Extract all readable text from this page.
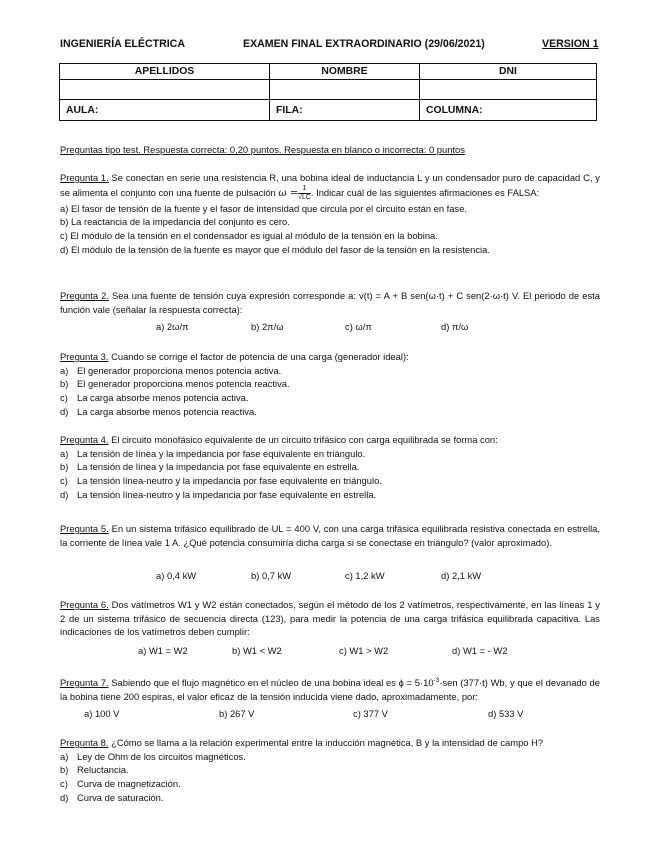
INGENIERÍA ELÉCTRICA	EXAMEN FINAL EXTRAORDINARIO (29/06/2021)	VERSION 1
APELLIDOS	NOMBRE	DNI

AULA:	FILA:	COLUMNA:
Preguntas tipo test. Respuesta correcta: 0,20 puntos. Respuesta en blanco o incorrecta: 0 puntos

Pregunta 1. Se conectan en serie una resistencia R, una bobina ideal de inductancia L y un condensador puro de capacidad C, y se alimenta el conjunto con una fuente de pulsación $\omega = \frac{1}{√LC}$ . Indicar cuál de las siguientes afirmaciones es FALSA:

a) El fasor de tensión de la fuente y el fasor de intensidad que circula por el circuito están en fase.

b) La reactancia de la impedancia del conjunto es cero.

c) El módulo de la tensión en el condensador es igual al módulo de la tensión en la bobina.

d) El módulo de la tensión de la fuente es mayor que el módulo del fasor de la tensión en la resistencia.

Pregunta 2. Sea una fuente de tensión cuya expresión corresponde a: v(t) = A + B sen(ω·t) + C sen(2·ω·t) V. El periodo de esta función vale (señalar la respuesta correcta):

a) 2ω/π	b) 2π/ω	c) ω/π	d) π/ω

Pregunta 3. Cuando se corrige el factor de potencia de una carga (generador ideal):

a) El generador proporciona menos potencia activa.

b) El generador proporciona menos potencia reactiva.

c) La carga absorbe menos potencia activa.

d) La carga absorbe menos potencia reactiva.

Pregunta 4. El circuito monofásico equivalente de un circuito trifásico con carga equilibrada se forma con:

a) La tensión de línea y la impedancia por fase equivalente en triángulo.

b) La tensión de línea y la impedancia por fase equivalente en estrella.

c) La tensión línea-neutro y la impedancia por fase equivalente en triángulo.

d) La tensión línea-neutro y la impedancia por fase equivalente en estrella.

Pregunta 5. En un sistema trifásico equilibrado de UL = 400 V, con una carga trifásica equilibrada resistiva conectada en estrella, la corriente de línea vale 1 A. ¿Qué potencia consumiría dicha carga si se conectase en triángulo? (valor aproximado).

a) 0,4 kW	b) 0,7 kW	c) 1,2 kW	d) 2,1 kW

Pregunta 6. Dos vatímetros W1 y W2 están conectados, según el método de los 2 vatímetros, respectivamente, en las líneas 1 y 2 de un sistema trifásico de secuencia directa (123), para medir la potencia de una carga trifásica equilibrada capacitiva. Las indicaciones de los vatímetros deben cumplir:

a) W1 = W2	b) W1 < W2	c) W1 > W2	d) W1 = - W2

Pregunta 7. Sabiendo que el flujo magnético en el núcleo de una bobina ideal es $\phi = 5\cdot 10^{-3}\cdot sen$ (377·t) Wb, y que el devanado de la bobina tiene 200 espiras, el valor eficaz de la tensión inducida viene dado, aproximadamente, por:

a) 100 V	b) 267 V	c) 377 V	d) 533 V

Pregunta 8. ¿Cómo se llama a la relación experimental entre la inducción magnética, B y la intensidad de campo H?

a) Ley de Ohm de los circuitos magnéticos.

b) Reluctancia.

c) Curva de magnetización.

d) Curva de saturación.
